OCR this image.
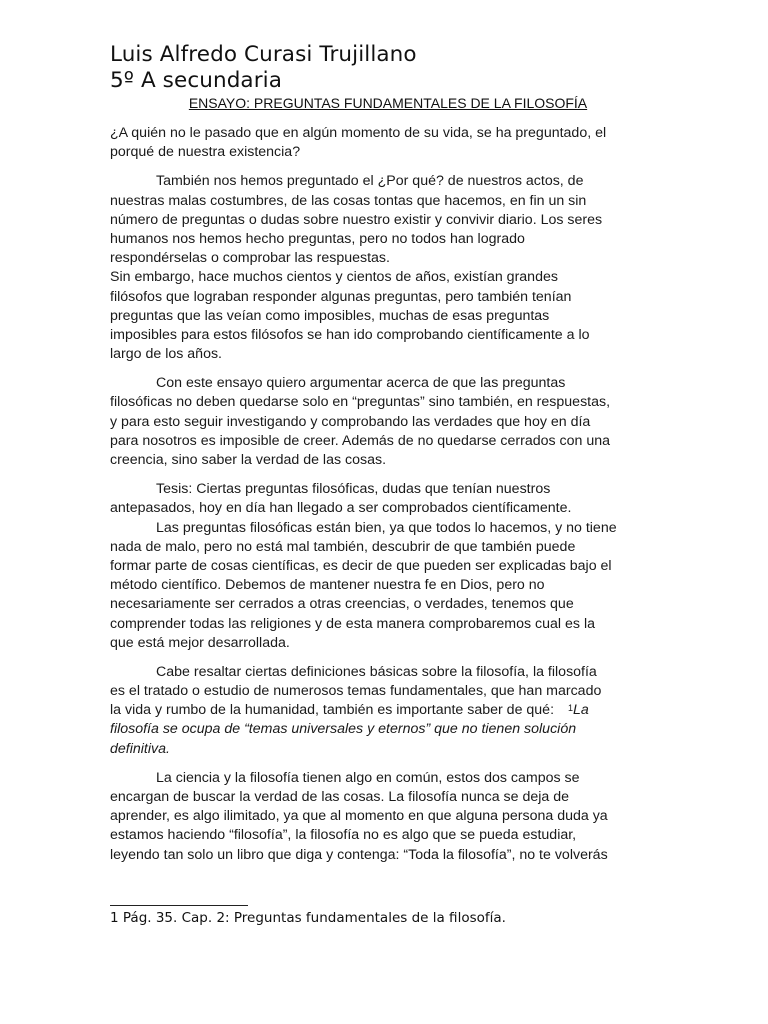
Luis Alfredo Curasi Trujillano
5º A secundaria
ENSAYO: PREGUNTAS FUNDAMENTALES DE LA FILOSOFÍA
¿A quién no le pasado que en algún momento de su vida, se ha preguntado, el
porqué de nuestra existencia?
También nos hemos preguntado el ¿Por qué? de nuestros actos, de
nuestras malas costumbres, de las cosas tontas que hacemos, en fin un sin
número de preguntas o dudas sobre nuestro existir y convivir diario. Los seres
humanos nos hemos hecho preguntas, pero no todos han logrado
respondérselas o comprobar las respuestas.
Sin embargo, hace muchos cientos y cientos de años, existían grandes
filósofos que lograban responder algunas preguntas, pero también tenían
preguntas que las veían como imposibles, muchas de esas preguntas
imposibles para estos filósofos se han ido comprobando científicamente a lo
largo de los años.
Con este ensayo quiero argumentar acerca de que las preguntas
filosóficas no deben quedarse solo en “preguntas” sino también, en respuestas,
y para esto seguir investigando y comprobando las verdades que hoy en día
para nosotros es imposible de creer. Además de no quedarse cerrados con una
creencia, sino saber la verdad de las cosas.
Tesis: Ciertas preguntas filosóficas, dudas que tenían nuestros
antepasados, hoy en día han llegado a ser comprobados científicamente.
Las preguntas filosóficas están bien, ya que todos lo hacemos, y no tiene
nada de malo, pero no está mal también, descubrir de que también puede
formar parte de cosas científicas, es decir de que pueden ser explicadas bajo el
método científico. Debemos de mantener nuestra fe en Dios, pero no
necesariamente ser cerrados a otras creencias, o verdades, tenemos que
comprender todas las religiones y de esta manera comprobaremos cual es la
que está mejor desarrollada.
Cabe resaltar ciertas definiciones básicas sobre la filosofía, la filosofía
es el tratado o estudio de numerosos temas fundamentales, que han marcado
la vida y rumbo de la humanidad, también es importante saber de qué: $^1$La
filosofía se ocupa de “temas universales y eternos” que no tienen solución
definitiva.
La ciencia y la filosofía tienen algo en común, estos dos campos se
encargan de buscar la verdad de las cosas. La filosofía nunca se deja de
aprender, es algo ilimitado, ya que al momento en que alguna persona duda ya
estamos haciendo “filosofía”, la filosofía no es algo que se pueda estudiar,
leyendo tan solo un libro que diga y contenga: “Toda la filosofía”, no te volverás
1 Pág. 35. Cap. 2: Preguntas fundamentales de la filosofía.
